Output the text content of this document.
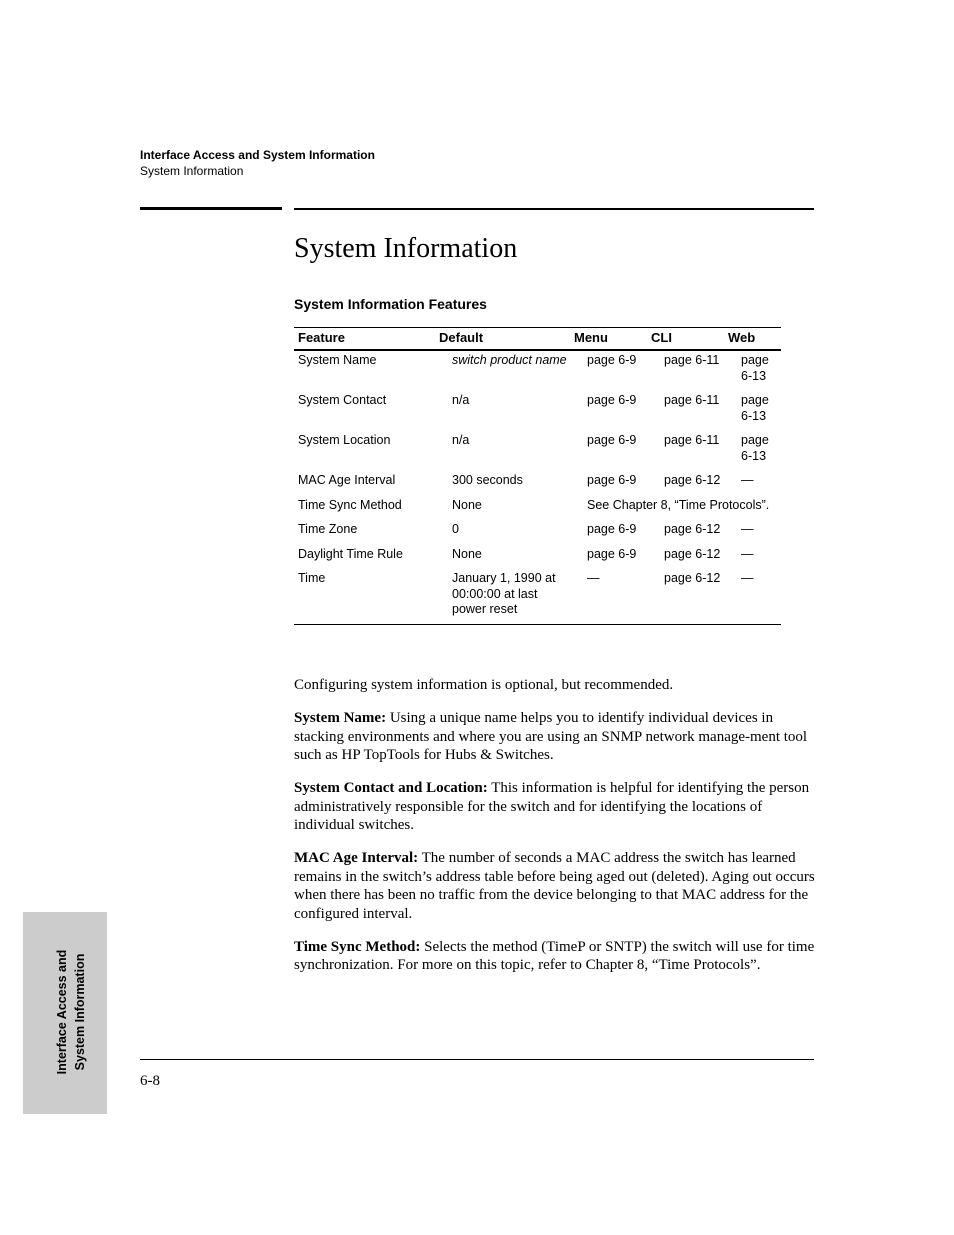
Interface Access and System Information
System Information
System Information
System Information Features
Feature	Default	Menu	CLI	Web
System Name	switch product name	page 6-9	page 6-11	page 6-13
System Contact	n/a	page 6-9	page 6-11	page 6-13
System Location	n/a	page 6-9	page 6-11	page 6-13
MAC Age Interval	300 seconds	page 6-9	page 6-12	—
Time Sync Method	None	See Chapter 8, “Time Protocols”.		
Time Zone	0	page 6-9	page 6-12	—
Daylight Time Rule	None	page 6-9	page 6-12	—
Time	January 1, 1990 at 00:00:00 at last power reset	—	page 6-12	—

Configuring system information is optional, but recommended.

System Name: Using a unique name helps you to identify individual devices in stacking environments and where you are using an SNMP network manage-ment tool such as HP TopTools for Hubs & Switches.

System Contact and Location: This information is helpful for identifying the person administratively responsible for the switch and for identifying the locations of individual switches.

MAC Age Interval: The number of seconds a MAC address the switch has learned remains in the switch’s address table before being aged out (deleted). Aging out occurs when there has been no traffic from the device belonging to that MAC address for the configured interval.

Time Sync Method: Selects the method (TimeP or SNTP) the switch will use for time synchronization. For more on this topic, refer to Chapter 8, “Time Protocols”.

6-8
Interface Access and System Information
